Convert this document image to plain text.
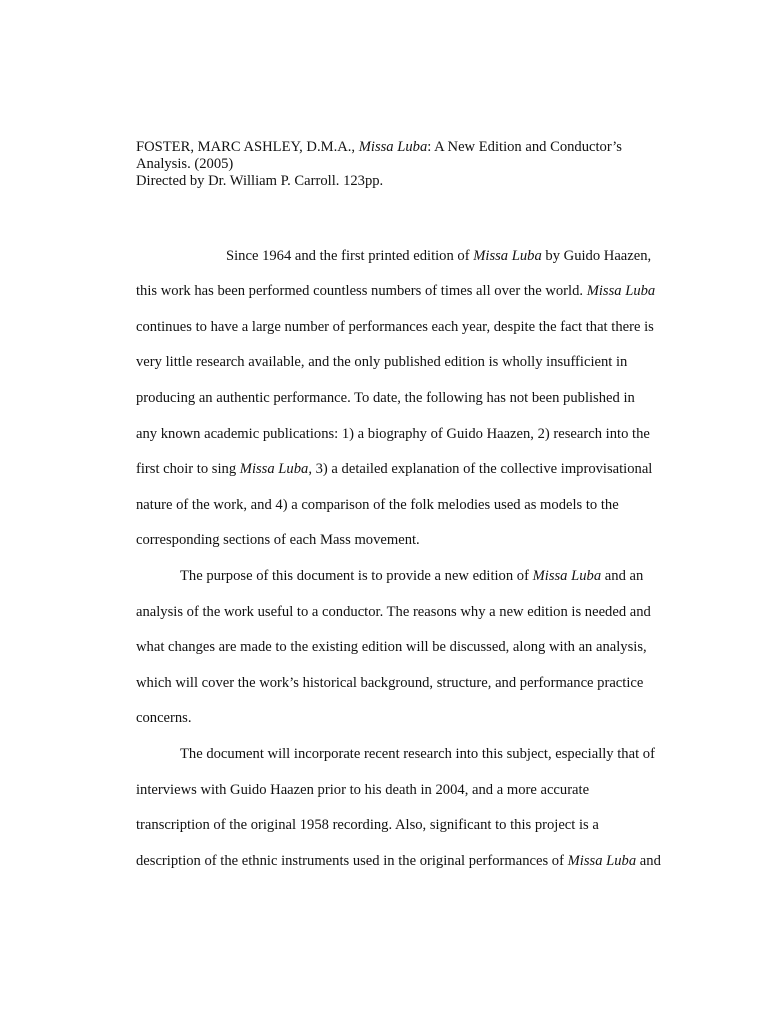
FOSTER, MARC ASHLEY, D.M.A., Missa Luba: A New Edition and Conductor’s
Analysis. (2005)
Directed by Dr. William P. Carroll. 123pp.
Since 1964 and the first printed edition of Missa Luba by Guido Haazen,
this work has been performed countless numbers of times all over the world. Missa Luba
continues to have a large number of performances each year, despite the fact that there is
very little research available, and the only published edition is wholly insufficient in
producing an authentic performance. To date, the following has not been published in
any known academic publications: 1) a biography of Guido Haazen, 2) research into the
first choir to sing Missa Luba, 3) a detailed explanation of the collective improvisational
nature of the work, and 4) a comparison of the folk melodies used as models to the
corresponding sections of each Mass movement.
The purpose of this document is to provide a new edition of Missa Luba and an
analysis of the work useful to a conductor. The reasons why a new edition is needed and
what changes are made to the existing edition will be discussed, along with an analysis,
which will cover the work’s historical background, structure, and performance practice
concerns.
The document will incorporate recent research into this subject, especially that of
interviews with Guido Haazen prior to his death in 2004, and a more accurate
transcription of the original 1958 recording. Also, significant to this project is a
description of the ethnic instruments used in the original performances of Missa Luba and
